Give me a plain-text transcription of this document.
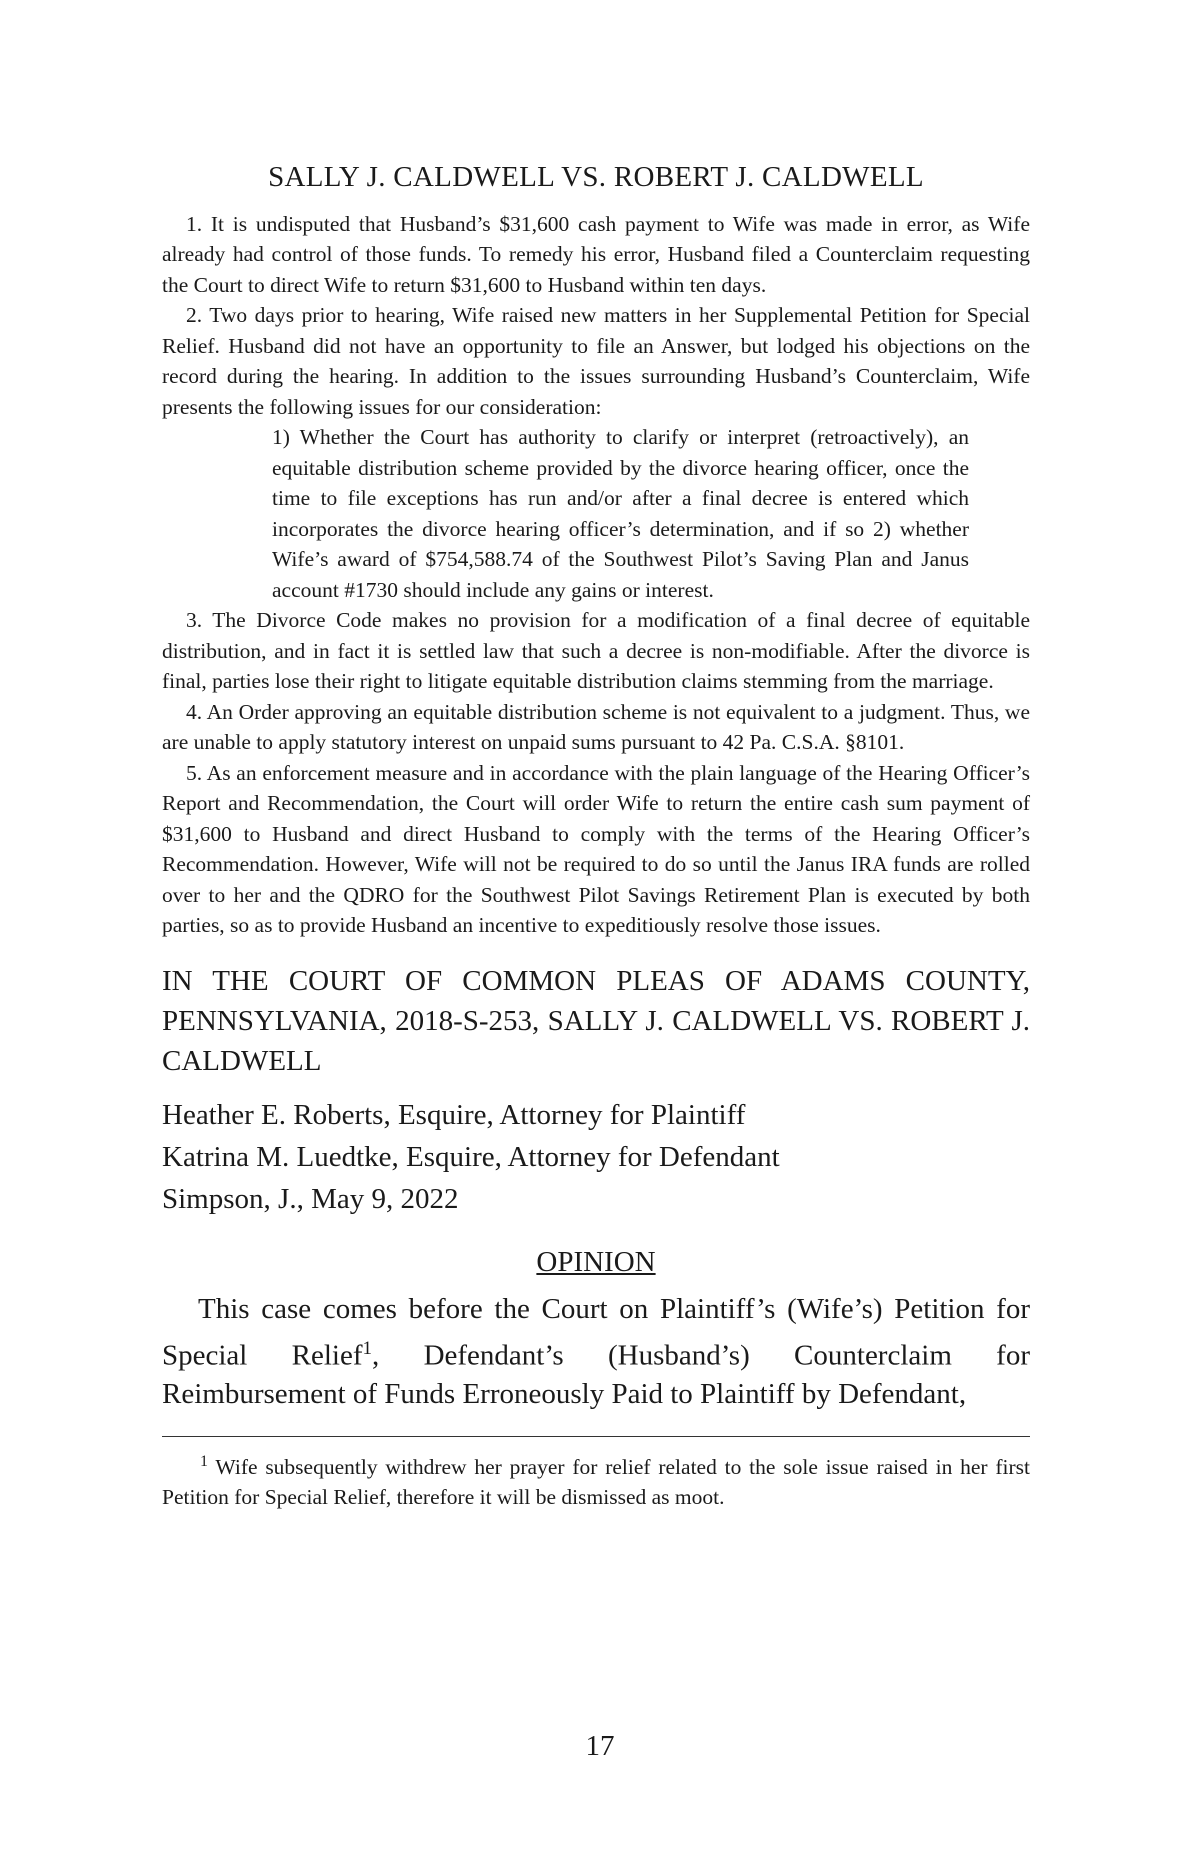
SALLY J. CALDWELL VS. ROBERT J. CALDWELL

1. It is undisputed that Husband’s $31,600 cash payment to Wife was made in error, as Wife already had control of those funds. To remedy his error, Husband filed a Counterclaim requesting the Court to direct Wife to return $31,600 to Husband within ten days.

2. Two days prior to hearing, Wife raised new matters in her Supplemental Petition for Special Relief. Husband did not have an opportunity to file an Answer, but lodged his objections on the record during the hearing. In addition to the issues surrounding Husband’s Counterclaim, Wife presents the following issues for our consideration:

1) Whether the Court has authority to clarify or interpret (retroactively), an equitable distribution scheme provided by the divorce hearing officer, once the time to file exceptions has run and/or after a final decree is entered which incorporates the divorce hearing officer’s determination, and if so 2) whether Wife’s award of $754,588.74 of the Southwest Pilot’s Saving Plan and Janus account #1730 should include any gains or interest.

3. The Divorce Code makes no provision for a modification of a final decree of equitable distribution, and in fact it is settled law that such a decree is non-modifiable. After the divorce is final, parties lose their right to litigate equitable distribution claims stemming from the marriage.

4. An Order approving an equitable distribution scheme is not equivalent to a judgment. Thus, we are unable to apply statutory interest on unpaid sums pursuant to 42 Pa. C.S.A. §8101.

5. As an enforcement measure and in accordance with the plain language of the Hearing Officer’s Report and Recommendation, the Court will order Wife to return the entire cash sum payment of $31,600 to Husband and direct Husband to comply with the terms of the Hearing Officer’s Recommendation. However, Wife will not be required to do so until the Janus IRA funds are rolled over to her and the QDRO for the Southwest Pilot Savings Retirement Plan is executed by both parties, so as to provide Husband an incentive to expeditiously resolve those issues.

IN THE COURT OF COMMON PLEAS OF ADAMS COUNTY, PENNSYLVANIA, 2018-S-253, SALLY J. CALDWELL VS. ROBERT J. CALDWELL

Heather E. Roberts, Esquire, Attorney for Plaintiff
Katrina M. Luedtke, Esquire, Attorney for Defendant
Simpson, J., May 9, 2022
OPINION

This case comes before the Court on Plaintiff’s (Wife’s) Petition for Special Relief$^1$, Defendant’s (Husband’s) Counterclaim for Reimbursement of Funds Erroneously Paid to Plaintiff by Defendant,

$^1$ Wife subsequently withdrew her prayer for relief related to the sole issue raised in her first Petition for Special Relief, therefore it will be dismissed as moot.

17
